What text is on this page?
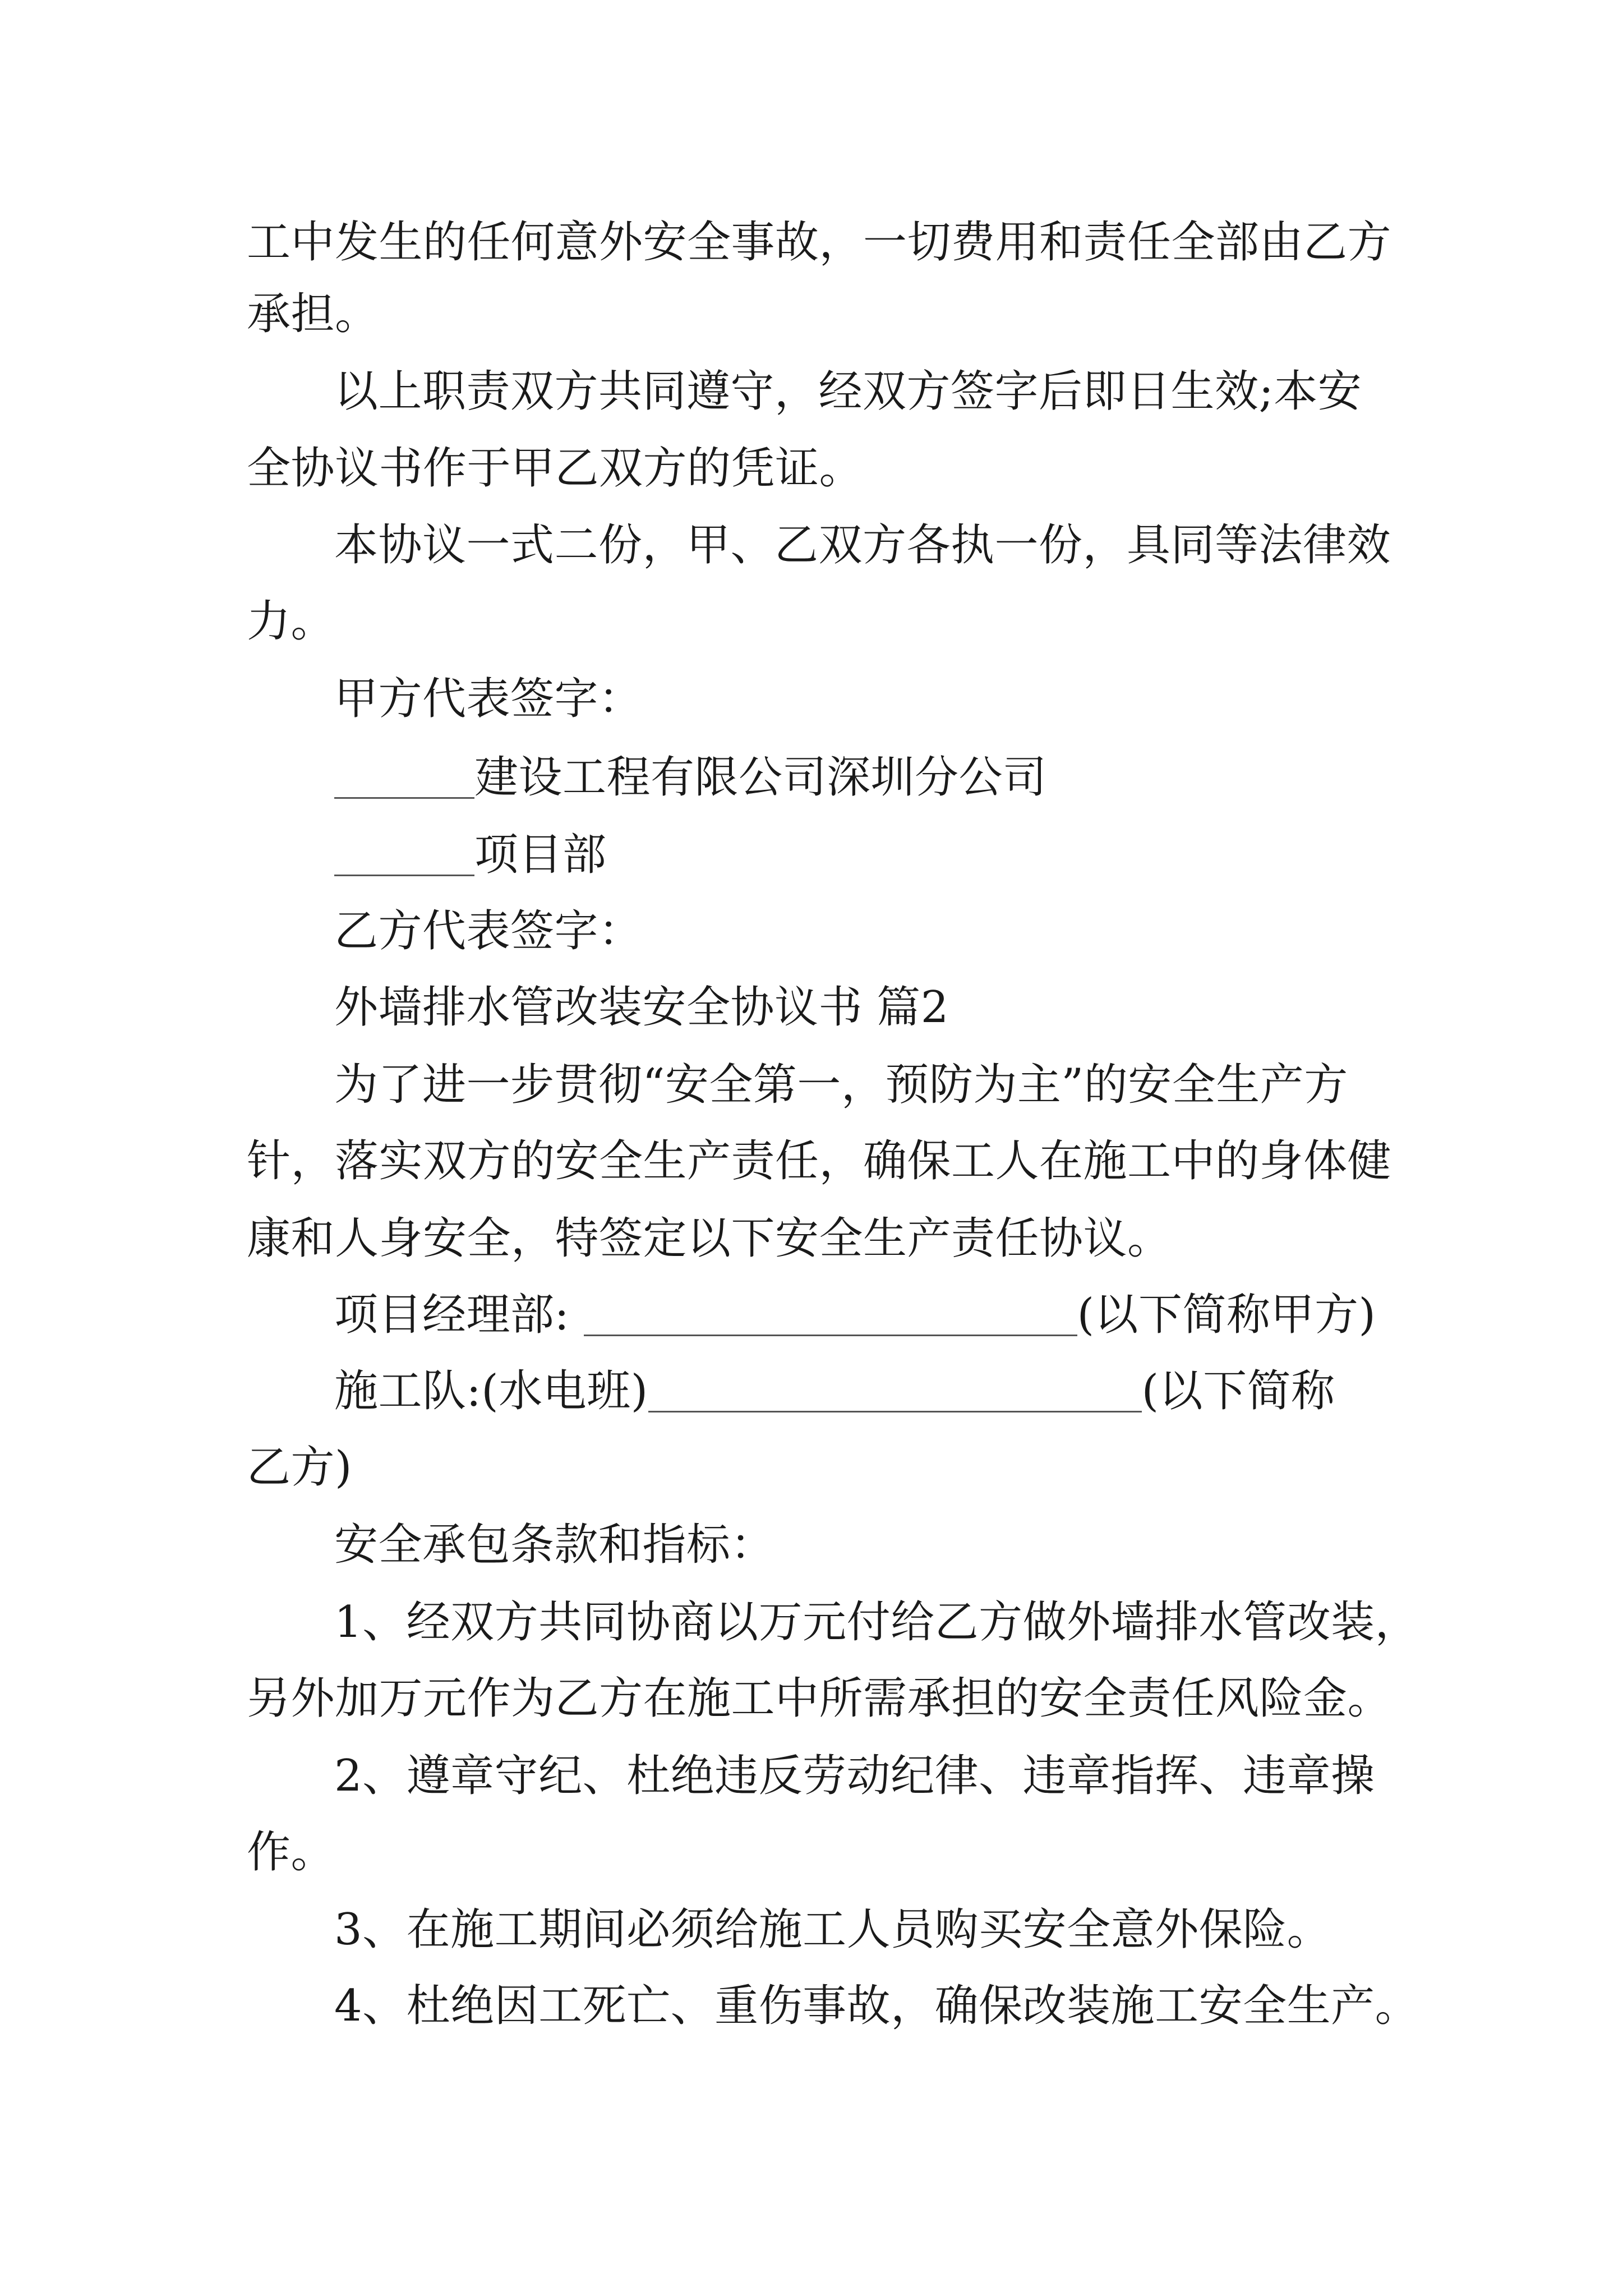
工中发生的任何意外安全事故，一切费用和责任全部由乙方
承担。
以上职责双方共同遵守，经双方签字后即日生效;本安
全协议书作于甲乙双方的凭证。
本协议一式二份，甲、乙双方各执一份，具同等法律效
力。
甲方代表签字：
建设工程有限公司深圳分公司
项目部
乙方代表签字：
外墙排水管改装安全协议书 篇2
为了进一步贯彻“安全第一，预防为主”的安全生产方
针，落实双方的安全生产责任，确保工人在施工中的身体健
康和人身安全，特签定以下安全生产责任协议。
项目经理部:	(以下简称甲方)
施工队:(水电班)	(以下简称
乙方)
安全承包条款和指标：
1、经双方共同协商以万元付给乙方做外墙排水管改装，
另外加万元作为乙方在施工中所需承担的安全责任风险金。
2、遵章守纪、杜绝违反劳动纪律、违章指挥、违章操
作。
3、在施工期间必须给施工人员购买安全意外保险。
4、杜绝因工死亡、重伤事故，确保改装施工安全生产。
